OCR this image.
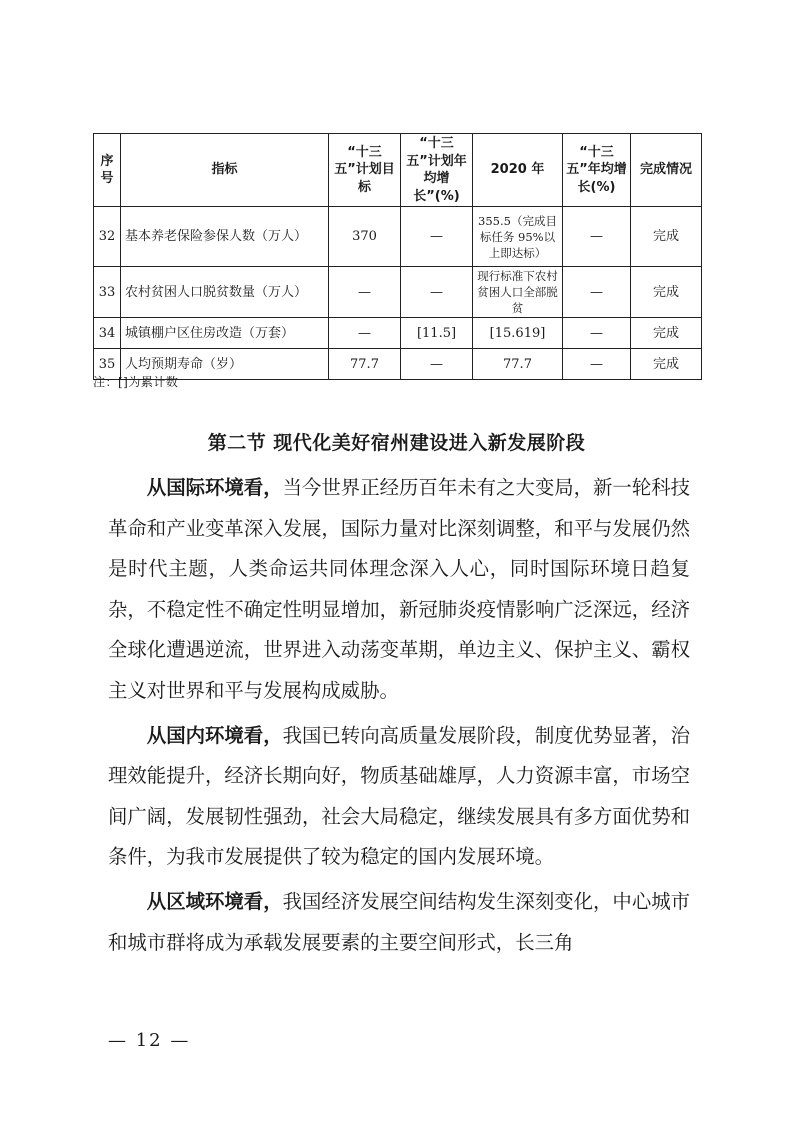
序号	指标	“十三五”计划目标	“十三五”计划年均增长”(%)	2020 年	“十三五”年均增长(%)	完成情况
32	基本养老保险参保人数（万人）	370	—	355.5（完成目标任务 95%以上即达标）	—	完成
33	农村贫困人口脱贫数量（万人）	—	—	现行标准下农村贫困人口全部脱贫	—	完成
34	城镇棚户区住房改造（万套）	—	[11.5]	[15.619]	—	完成
35	人均预期寿命（岁）	77.7	—	77.7	—	完成
注：[]为累计数
第二节 现代化美好宿州建设进入新发展阶段

从国际环境看，当今世界正经历百年未有之大变局，新一轮科技革命和产业变革深入发展，国际力量对比深刻调整，和平与发展仍然是时代主题，人类命运共同体理念深入人心，同时国际环境日趋复杂，不稳定性不确定性明显增加，新冠肺炎疫情影响广泛深远，经济全球化遭遇逆流，世界进入动荡变革期，单边主义、保护主义、霸权主义对世界和平与发展构成威胁。

从国内环境看，我国已转向高质量发展阶段，制度优势显著，治理效能提升，经济长期向好，物质基础雄厚，人力资源丰富，市场空间广阔，发展韧性强劲，社会大局稳定，继续发展具有多方面优势和条件，为我市发展提供了较为稳定的国内发展环境。

从区域环境看，我国经济发展空间结构发生深刻变化，中心城市和城市群将成为承载发展要素的主要空间形式，长三角

— 12 —
